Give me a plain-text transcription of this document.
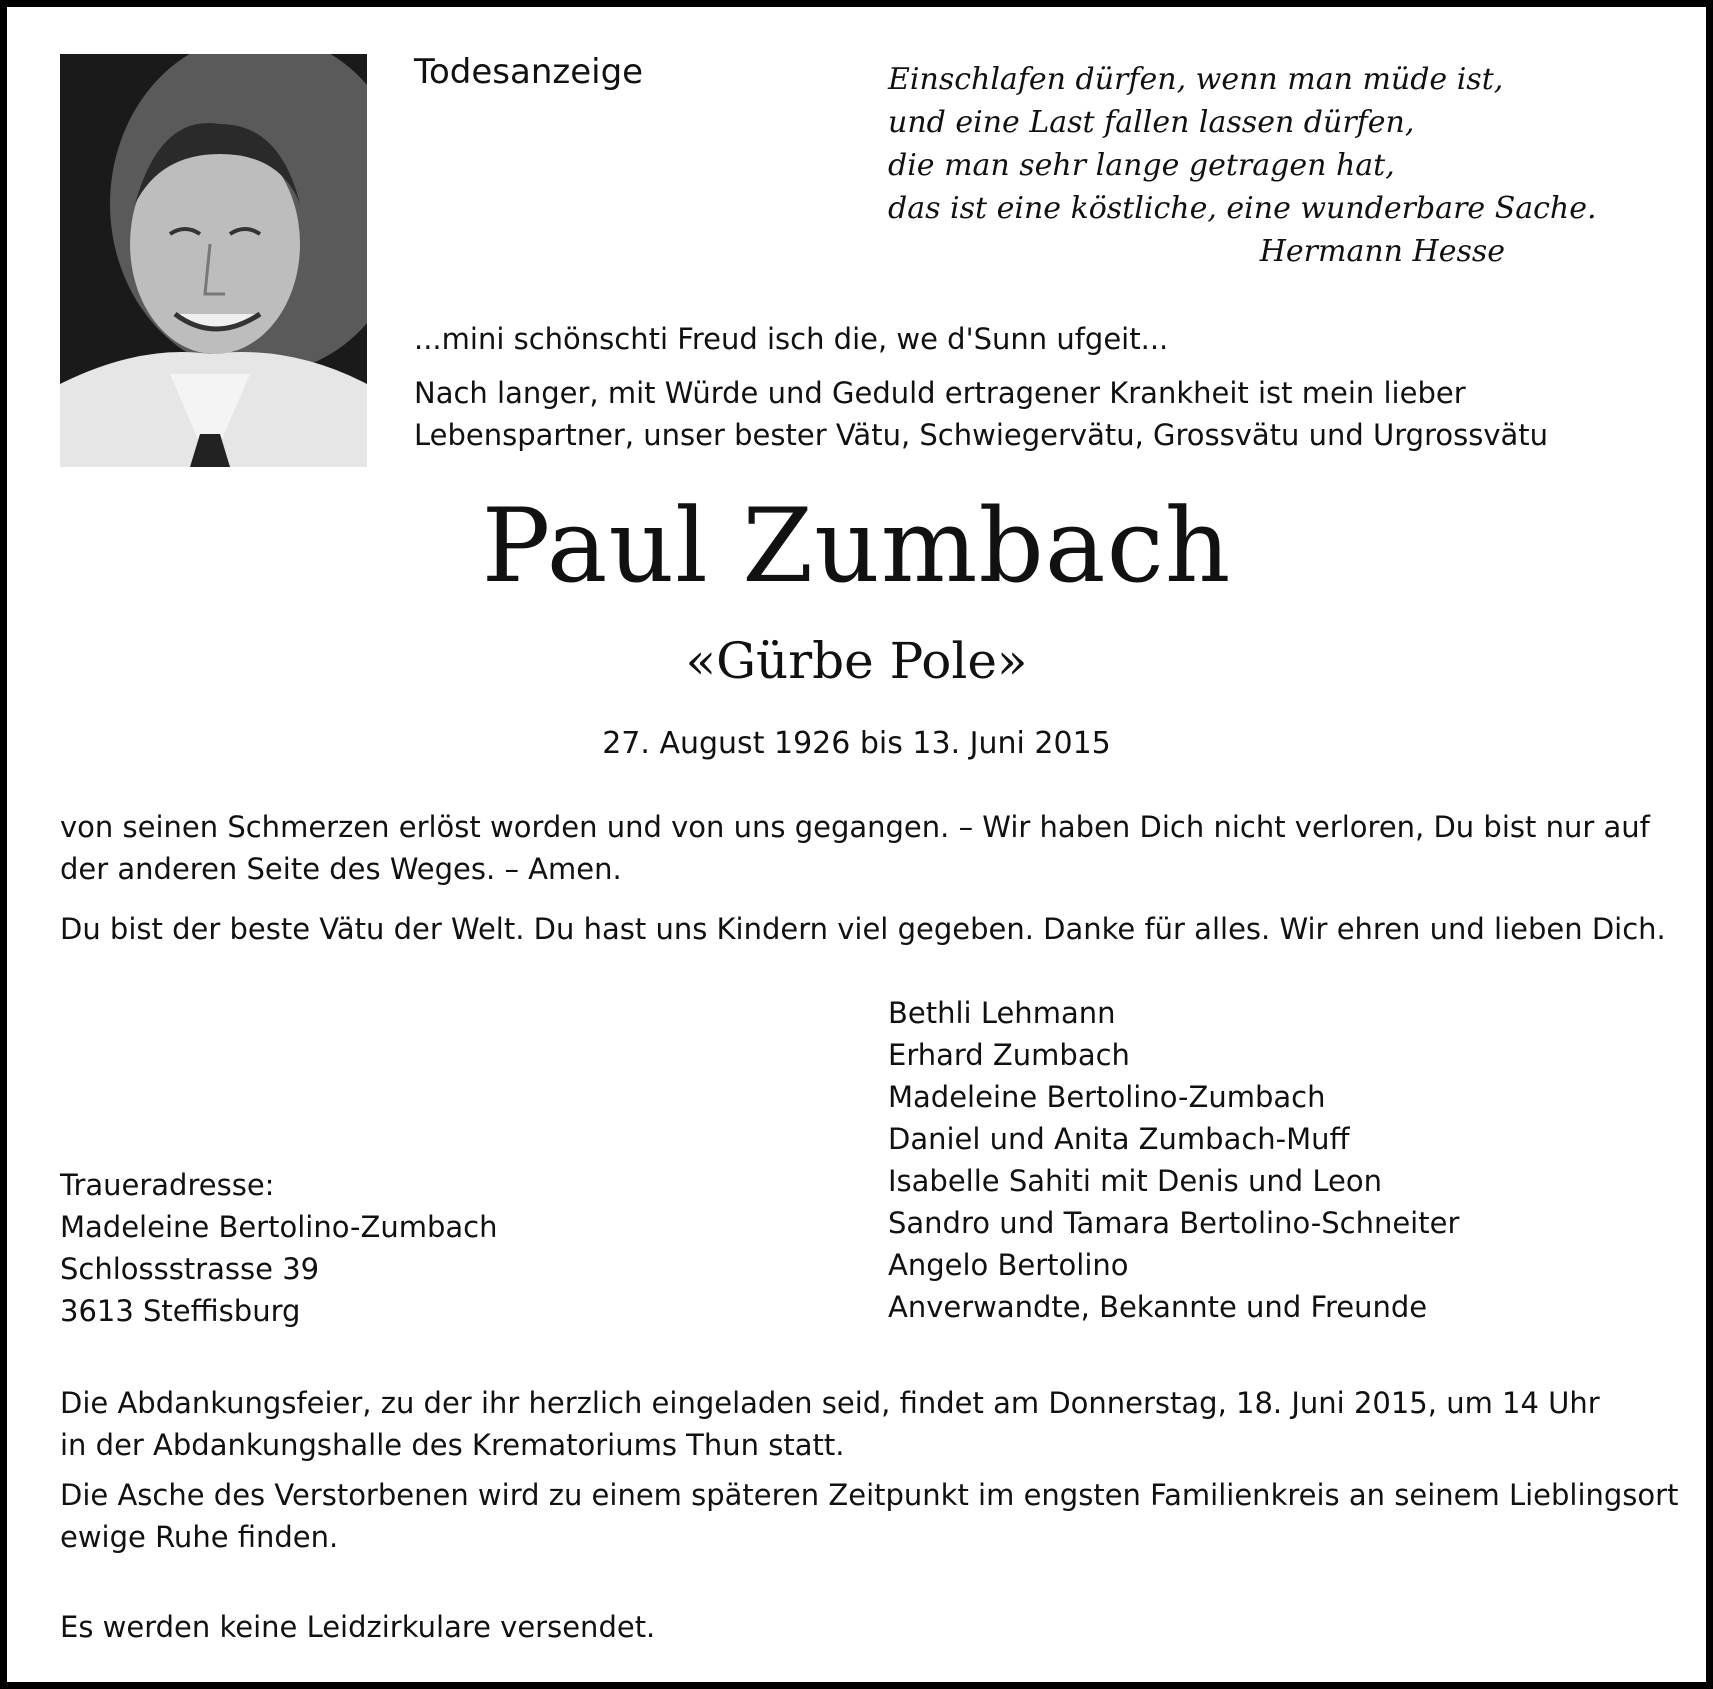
Todesanzeige	Einschlafen dürfen, wenn man müde ist,
und eine Last fallen lassen dürfen,
die man sehr lange getragen hat,
das ist eine köstliche, eine wunderbare Sache.
Hermann Hesse
...mini schönschti Freud isch die, we d'Sunn ufgeit...
Nach langer, mit Würde und Geduld ertragener Krankheit ist mein lieber
Lebenspartner, unser bester Vätu, Schwiegervätu, Grossvätu und Urgrossvätu
Paul Zumbach
«Gürbe Pole»
27. August 1926 bis 13. Juni 2015
von seinen Schmerzen erlöst worden und von uns gegangen. – Wir haben Dich nicht verloren, Du bist nur auf
der anderen Seite des Weges. – Amen.
Du bist der beste Vätu der Welt. Du hast uns Kindern viel gegeben. Danke für alles. Wir ehren und lieben Dich.
Bethli Lehmann
Erhard Zumbach
Madeleine Bertolino-Zumbach
Daniel und Anita Zumbach-Muff
Isabelle Sahiti mit Denis und Leon
Sandro und Tamara Bertolino-Schneiter
Angelo Bertolino
Anverwandte, Bekannte und Freunde
Traueradresse:
Madeleine Bertolino-Zumbach
Schlossstrasse 39
3613 Steffisburg
Die Abdankungsfeier, zu der ihr herzlich eingeladen seid, findet am Donnerstag, 18. Juni 2015, um 14 Uhr
in der Abdankungshalle des Krematoriums Thun statt.
Die Asche des Verstorbenen wird zu einem späteren Zeitpunkt im engsten Familienkreis an seinem Lieblingsort
ewige Ruhe finden.
Es werden keine Leidzirkulare versendet.
